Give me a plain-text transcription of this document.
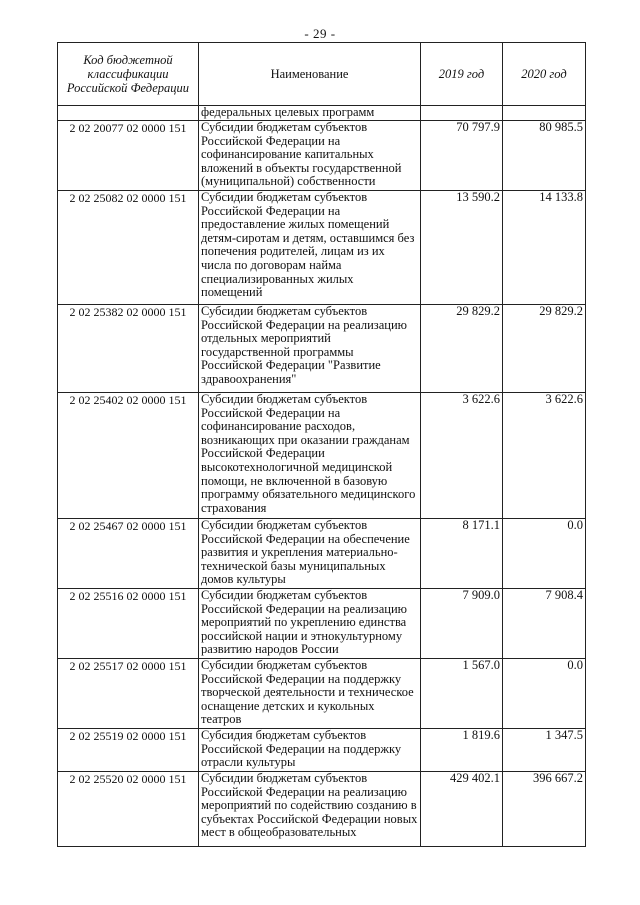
- 29 -
Код бюджетной классификации Российской Федерации	Наименование	2019 год	2020 год
	федеральных целевых программ		
2 02 20077 02 0000 151	Субсидии бюджетам субъектов Российской Федерации на софинансирование капитальных вложений в объекты государственной (муниципальной) собственности	70 797.9	80 985.5
2 02 25082 02 0000 151	Субсидии бюджетам субъектов Российской Федерации на предоставление жилых помещений детям-сиротам и детям, оставшимся без попечения родителей, лицам из их числа по договорам найма специализированных жилых помещений	13 590.2	14 133.8
2 02 25382 02 0000 151	Субсидии бюджетам субъектов Российской Федерации на реализацию отдельных мероприятий государственной программы Российской Федерации "Развитие здравоохранения"	29 829.2	29 829.2
2 02 25402 02 0000 151	Субсидии бюджетам субъектов Российской Федерации на софинансирование расходов, возникающих при оказании гражданам Российской Федерации высокотехнологичной медицинской помощи, не включенной в базовую программу обязательного медицинского страхования	3 622.6	3 622.6
2 02 25467 02 0000 151	Субсидии бюджетам субъектов Российской Федерации на обеспечение развития и укрепления материально-технической базы муниципальных домов культуры	8 171.1	0.0
2 02 25516 02 0000 151	Субсидии бюджетам субъектов Российской Федерации на реализацию мероприятий по укреплению единства российской нации и этнокультурному развитию народов России	7 909.0	7 908.4
2 02 25517 02 0000 151	Субсидии бюджетам субъектов Российской Федерации на поддержку творческой деятельности и техническое оснащение детских и кукольных театров	1 567.0	0.0
2 02 25519 02 0000 151	Субсидия бюджетам субъектов Российской Федерации на поддержку отрасли культуры	1 819.6	1 347.5
2 02 25520 02 0000 151	Субсидии бюджетам субъектов Российской Федерации на реализацию мероприятий по содействию созданию в субъектах Российской Федерации новых мест в общеобразовательных	429 402.1	396 667.2
